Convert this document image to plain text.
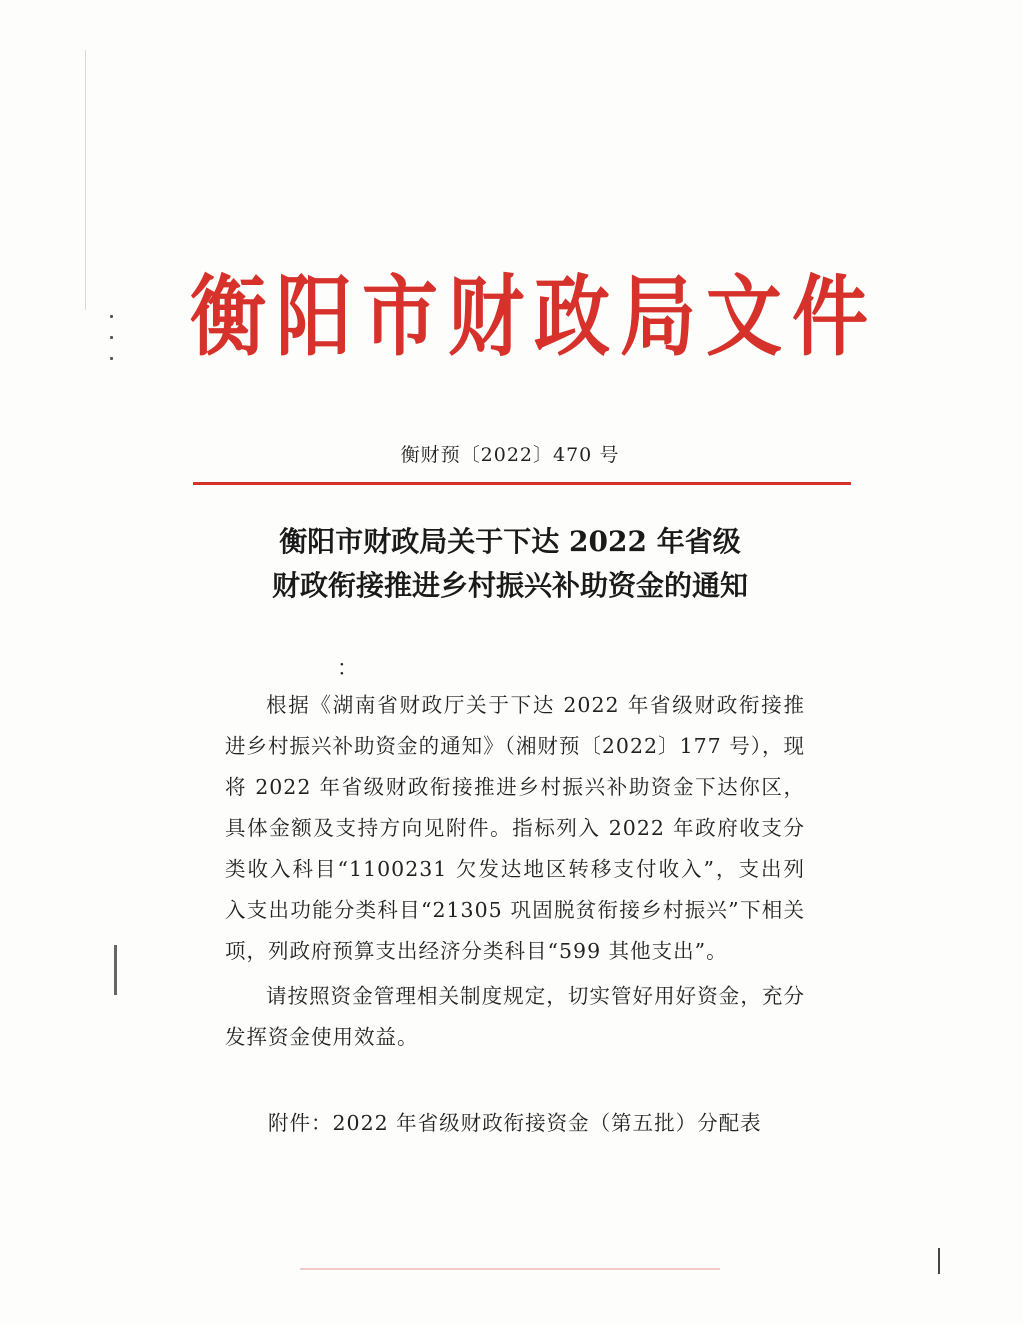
衡阳市财政局文件
衡财预〔2022〕470 号
衡阳市财政局关于下达 2022 年省级
财政衔接推进乡村振兴补助资金的通知
：

根据《湖南省财政厅关于下达 2022 年省级财政衔接推进乡村振兴补助资金的通知》（湘财预〔2022〕177 号），现将 2022 年省级财政衔接推进乡村振兴补助资金下达你区，具体金额及支持方向见附件。指标列入 2022 年政府收支分类收入科目“1100231 欠发达地区转移支付收入”，支出列入支出功能分类科目“21305 巩固脱贫衔接乡村振兴”下相关项，列政府预算支出经济分类科目“599 其他支出”。

请按照资金管理相关制度规定，切实管好用好资金，充分发挥资金使用效益。

附件：2022 年省级财政衔接资金（第五批）分配表
